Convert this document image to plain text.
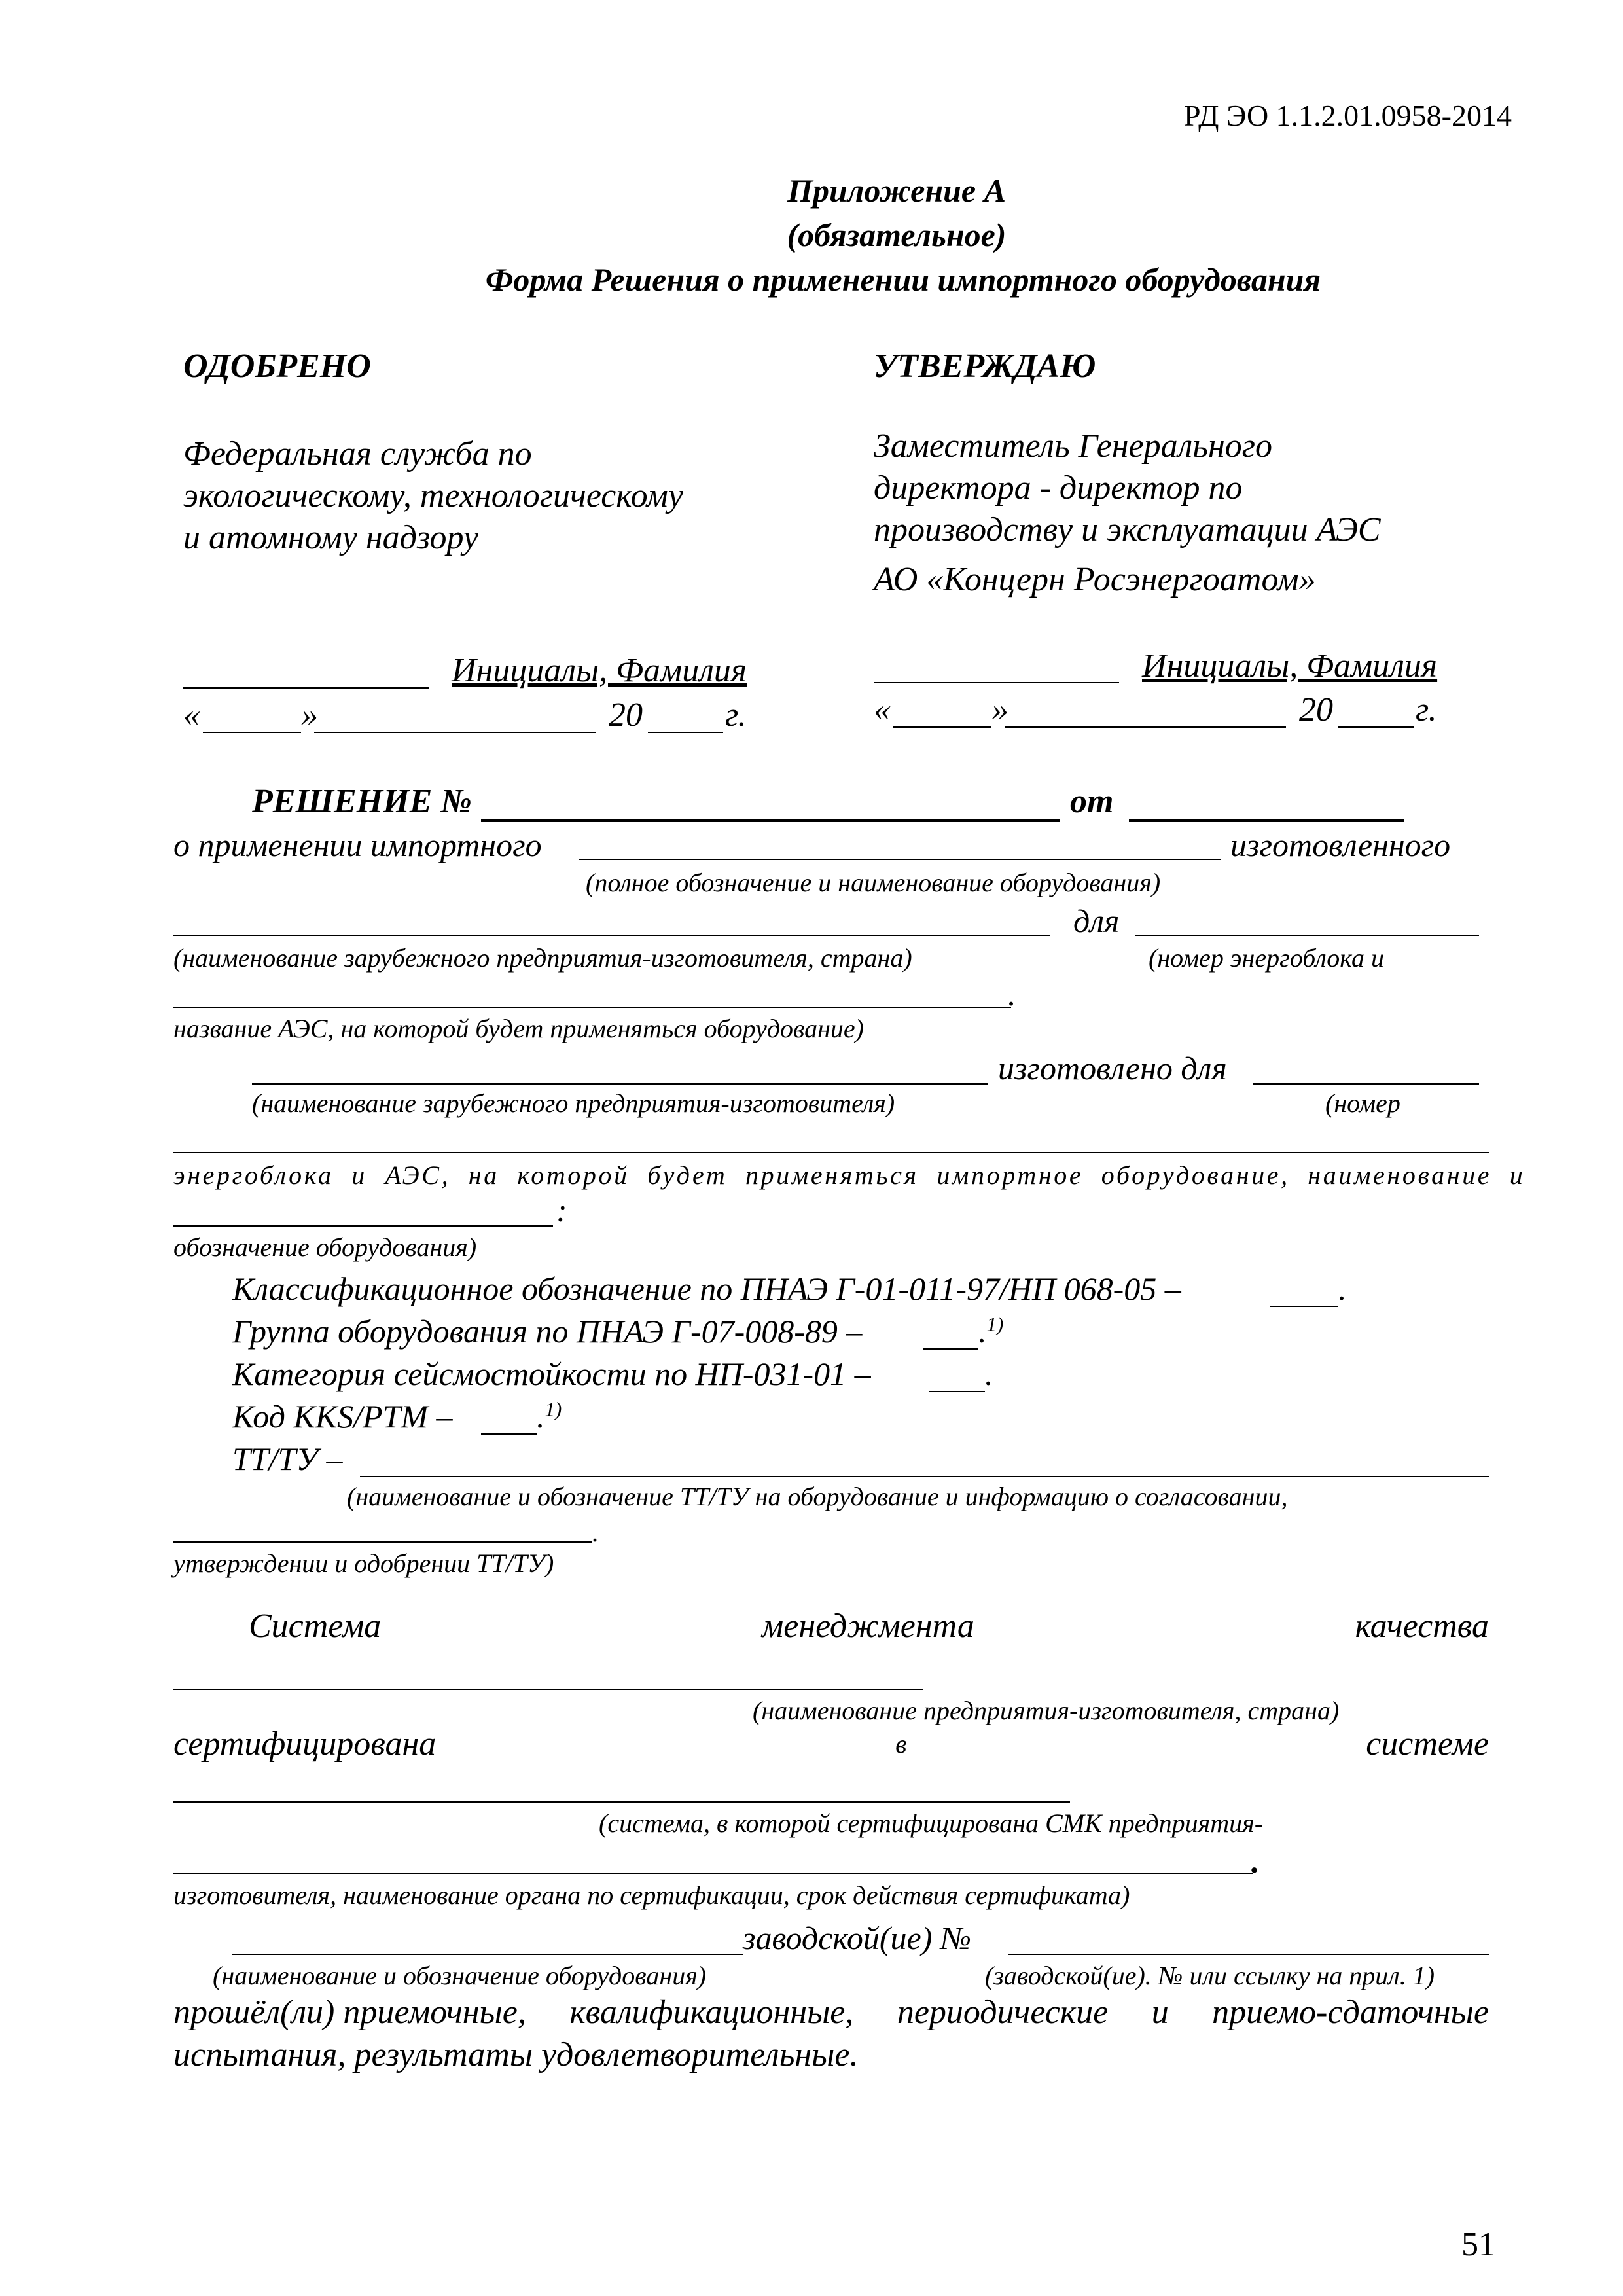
РД ЭО 1.1.2.01.0958-2014
Приложение А
(обязательное)
Форма Решения о применении импортного оборудования
ОДОБРЕНО
Федеральная служба по
экологическому, технологическому
и атомному надзору
Инициалы, Фамилия
«	»	20 г.
УТВЕРЖДАЮ
Заместитель Генерального
директора - директор по
производству и эксплуатации АЭС
АО «Концерн Росэнергоатом»
Инициалы, Фамилия
«	»	20 г.
РЕШЕНИЕ №	от
о применении импортного	изготовленного
(полное обозначение и наименование оборудования)
для
(наименование зарубежного предприятия-изготовителя, страна)	(номер энергоблока и
.
название АЭС, на которой будет применяться оборудование)
изготовлено для
(наименование зарубежного предприятия-изготовителя)	(номер
энергоблока и АЭС, на которой будет применяться импортное оборудование, наименование и
:
обозначение оборудования)
Классификационное обозначение по ПНАЭ Г-01-011-97/НП 068-05 –	.
Группа оборудования по ПНАЭ Г-07-008-89 –	.$^{1)}$
Категория сейсмостойкости по НП-031-01 –	.
Код KKS/PTM –	.$^{1)}$
ТТ/ТУ –
(наименование и обозначение ТТ/ТУ на оборудование и информацию о согласовании,
.
утверждении и одобрении ТТ/ТУ)
Система	менеджмента	качества
(наименование предприятия-изготовителя, страна)
сертифицирована	в	системе
(система, в которой сертифицирована СМК предприятия-
.
изготовителя, наименование органа по сертификации, срок действия сертификата)
заводской(ие) №
(наименование и обозначение оборудования)	(заводской(ие). № или ссылку на прил. 1)
прошёл(ли) приемочные, квалификационные, периодические и приемо-сдаточные
испытания, результаты удовлетворительные.
51
